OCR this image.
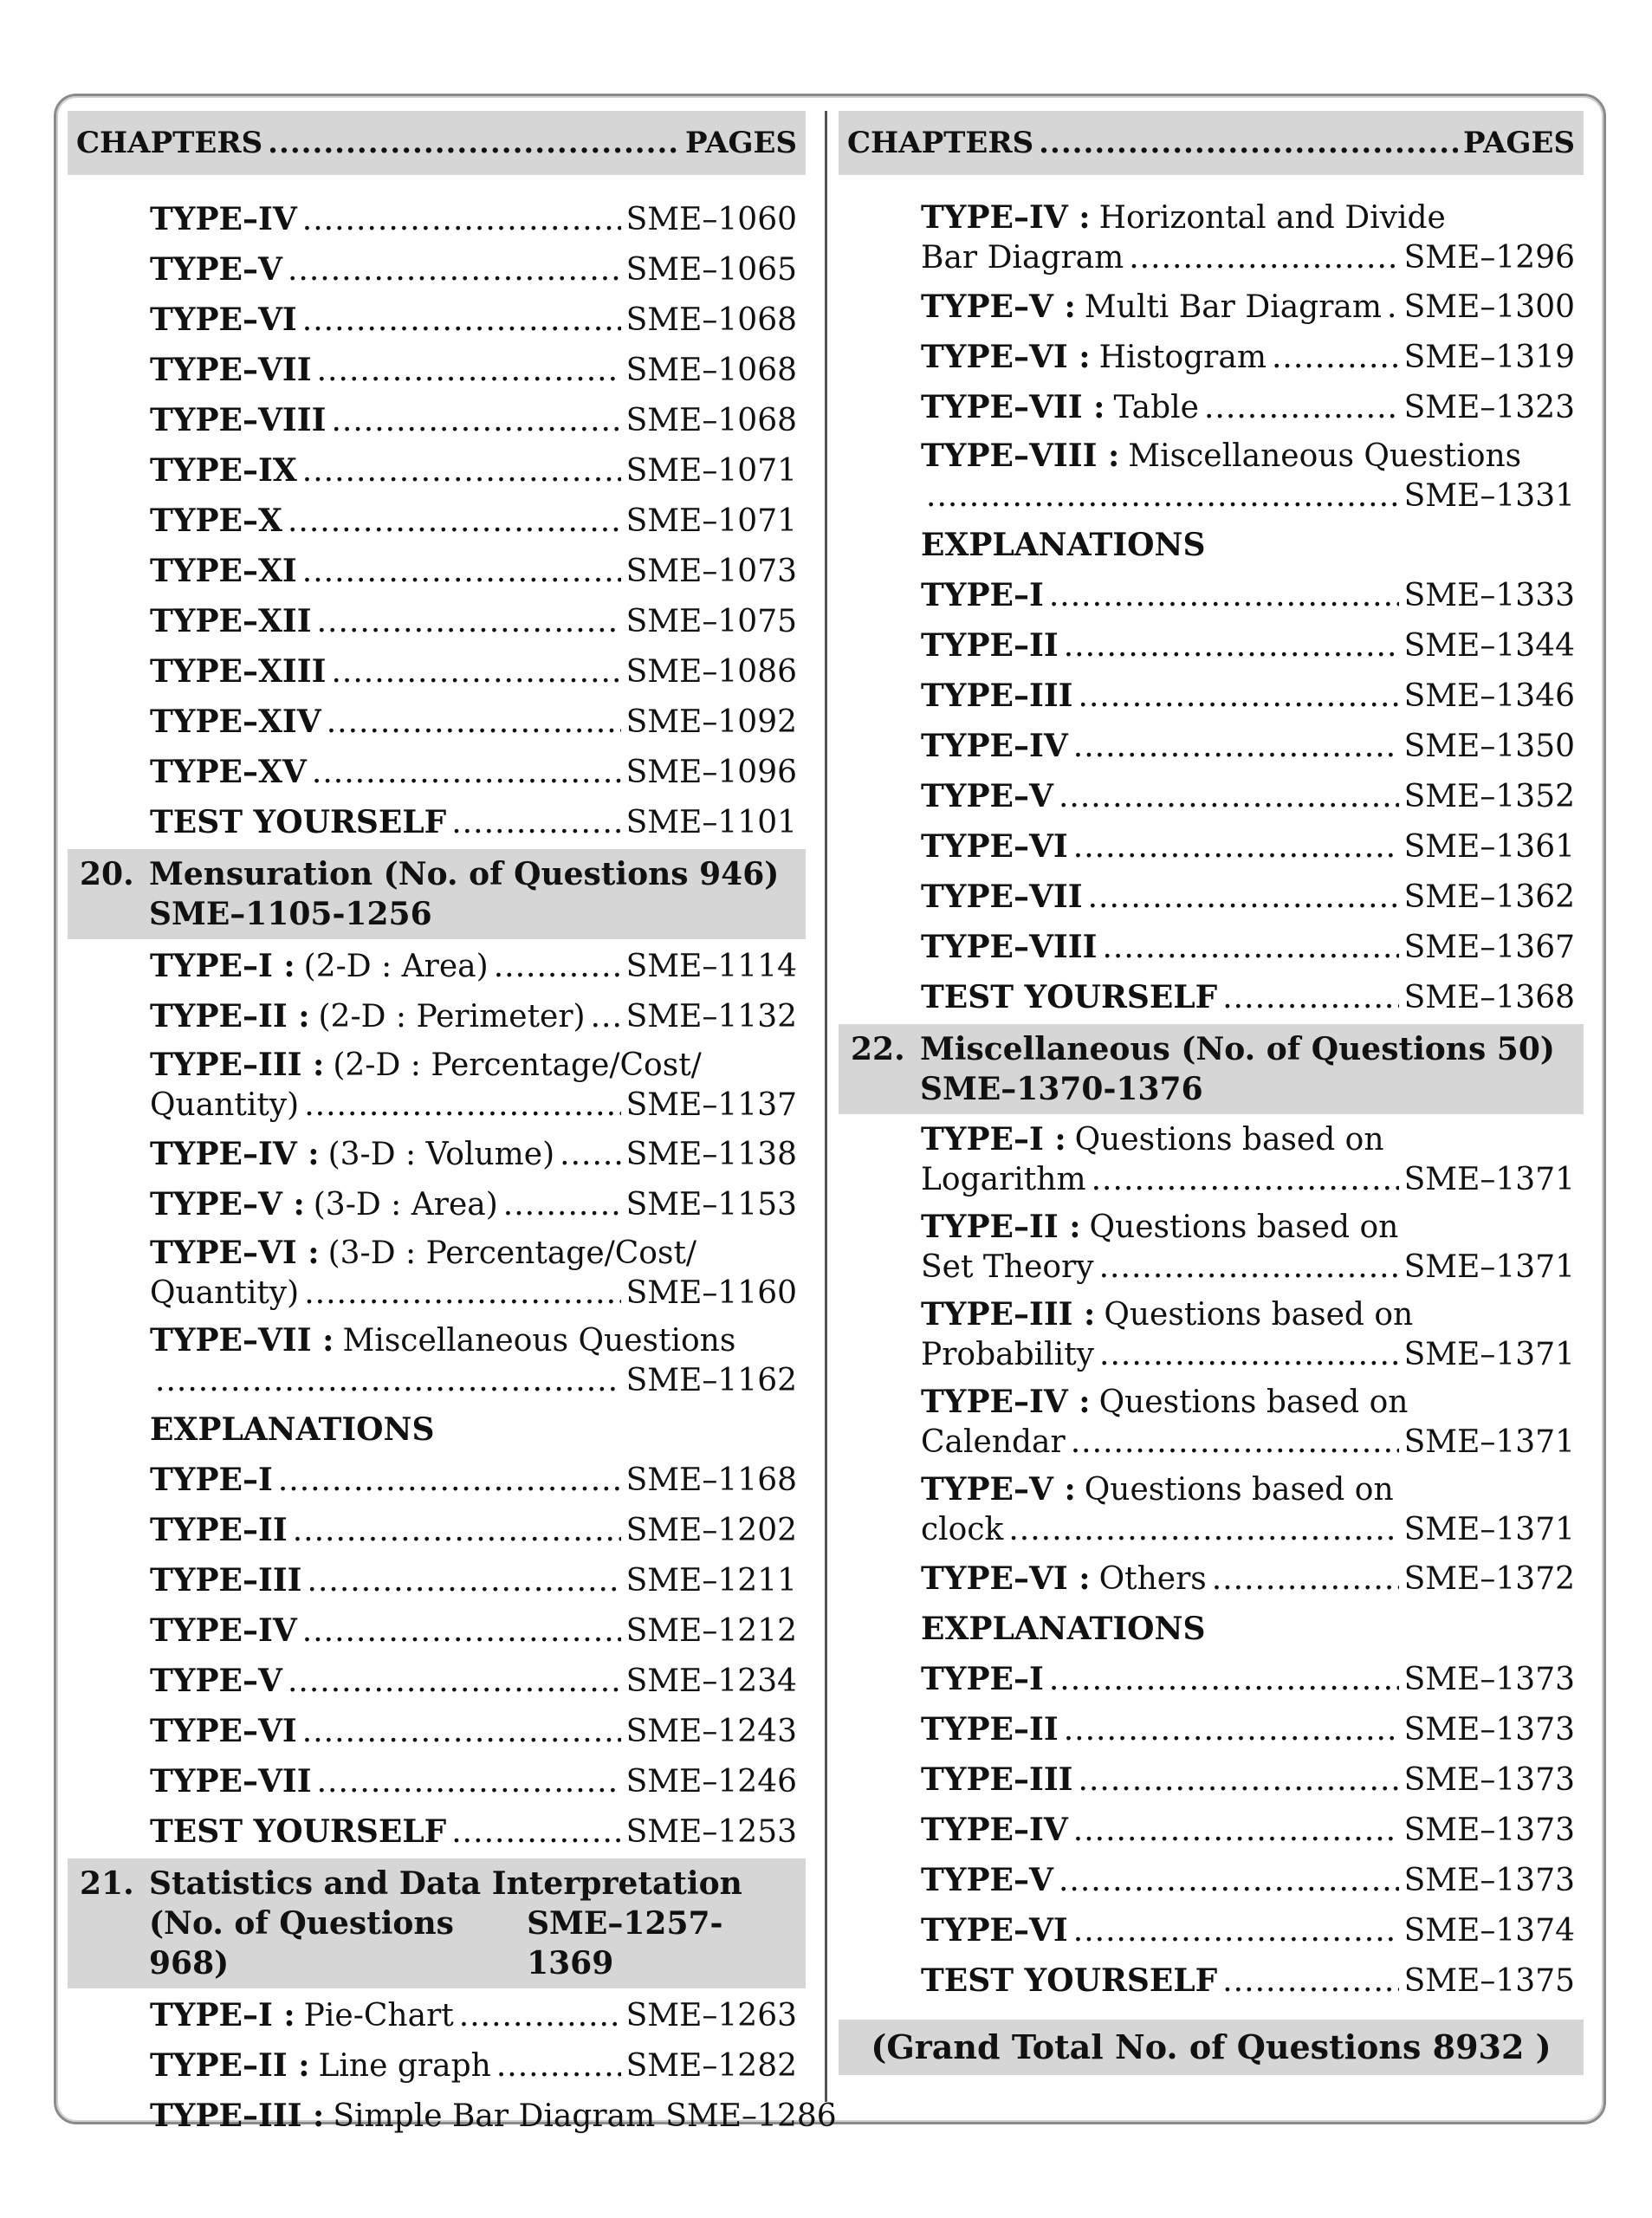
CHAPTERS .....	PAGES
TYPE–IV .....	SME–1060
TYPE–V .....	SME–1065
TYPE–VI .....	SME–1068
TYPE–VII .....	SME–1068
TYPE–VIII .....	SME–1068
TYPE–IX .....	SME–1071
TYPE–X .....	SME–1071
TYPE–XI .....	SME–1073
TYPE–XII .....	SME–1075
TYPE–XIII .....	SME–1086
TYPE–XIV .....	SME–1092
TYPE–XV .....	SME–1096
TEST YOURSELF .....	SME–1101
20. Mensuration (No. of Questions 946)
SME–1105-1256
TYPE–I : (2-D : Area) .....	SME–1114
TYPE–II : (2-D : Perimeter) ..... SME–1132
TYPE–III : (2-D : Percentage/Cost/
Quantity) .....	SME–1137
TYPE–IV : (3-D : Volume) ..... SME–1138
TYPE–V : (3-D : Area) .....	SME–1153
TYPE–VI : (3-D : Percentage/Cost/
Quantity) .....	SME–1160
TYPE–VII : Miscellaneous Questions
.....
SME–1162
EXPLANATIONS
TYPE–I .....	SME–1168
TYPE–II .....	SME–1202
TYPE–III .....	SME–1211
TYPE–IV .....	SME–1212
TYPE–V .....	SME–1234
TYPE–VI .....	SME–1243
TYPE–VII .....	SME–1246
TEST YOURSELF .....	SME–1253
21. Statistics and Data Interpretation
(No. of Questions 968)
SME–1257-1369
TYPE–I : Pie-Chart .....	SME–1263
TYPE–II : Line graph .....	SME–1282
TYPE–III : Simple Bar Diagram SME–1286
CHAPTERS .....	PAGES
TYPE–IV : Horizontal and Divide
Bar Diagram .....	SME–1296
TYPE–V : Multi Bar Diagram ..... SME–1300
TYPE–VI : Histogram .....	SME–1319
TYPE–VII : Table .....	SME–1323
TYPE–VIII : Miscellaneous Questions
.....
SME–1331
EXPLANATIONS
TYPE–I .....	SME–1333
TYPE–II .....	SME–1344
TYPE–III .....	SME–1346
TYPE–IV .....	SME–1350
TYPE–V .....	SME–1352
TYPE–VI .....	SME–1361
TYPE–VII .....	SME–1362
TYPE–VIII .....	SME–1367
TEST YOURSELF .....	SME–1368
22. Miscellaneous (No. of Questions 50)
SME–1370-1376
TYPE–I : Questions based on
Logarithm .....	SME–1371
TYPE–II : Questions based on
Set Theory .....	SME–1371
TYPE–III : Questions based on
Probability .....	SME–1371
TYPE–IV : Questions based on
Calendar .....	SME–1371
TYPE–V : Questions based on
clock .....	SME–1371
TYPE–VI : Others .....	SME–1372
EXPLANATIONS
TYPE–I .....	SME–1373
TYPE–II .....	SME–1373
TYPE–III .....	SME–1373
TYPE–IV .....	SME–1373
TYPE–V .....	SME–1373
TYPE–VI .....	SME–1374
TEST YOURSELF .....	SME–1375
(Grand Total No. of Questions 8932 )
